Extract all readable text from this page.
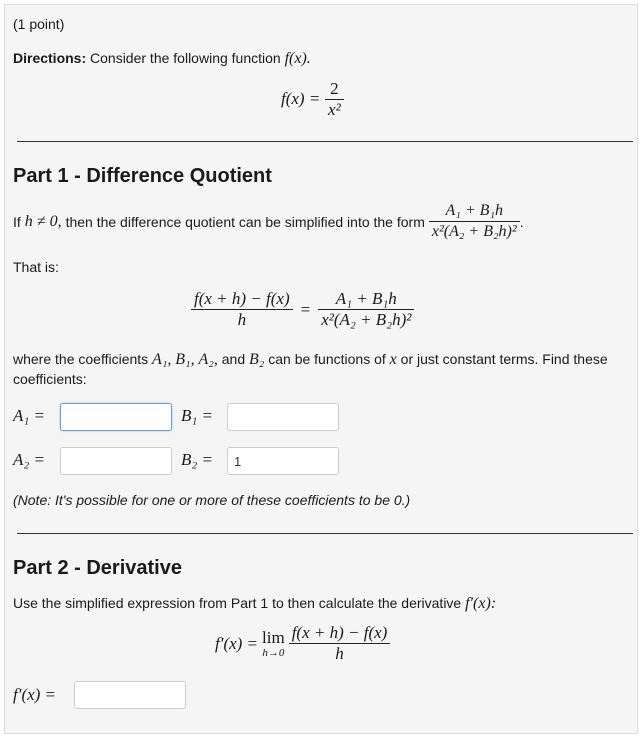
(1 point)
Directions: Consider the following function f(x).
$f(x) = \frac{2}{\text{x²}}$
Part 1 - Difference Quotient
If h ≠ 0, then the difference quotient can be simplified into the form $\frac{\text{A₁ + B₁h}}{\text{x²(A₂ + B₂h)²}}$ .
That is:
$\frac{f(x + h) - f(x)}{h} = \frac{\text{A₁ + B₁h}}{\text{x²(A₂ + B₂h)²}}$
where the coefficients A₁, B₁, A₂, and B₂ can be functions of x or just constant terms. Find these
coefficients:
A₁ =	B₁ =
A₂ =	B₂ =
1
(Note: It's possible for one or more of these coefficients to be 0.)
Part 2 - Derivative
Use the simplified expression from Part 1 to then calculate the derivative f′(x):
f′(x) = lim
$h\to 0 \frac{f(x + h) - f(x)}{h}$
f′(x) =
